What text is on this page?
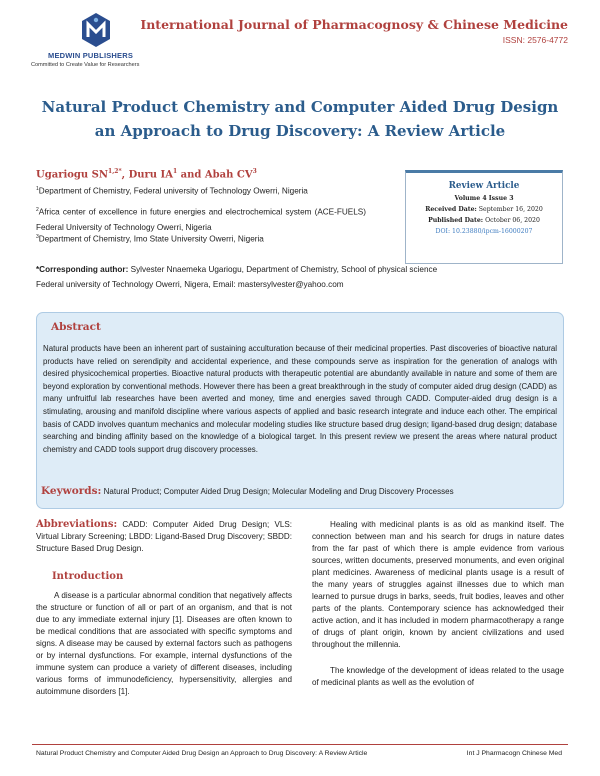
MEDWIN PUBLISHERS
Committed to Create Value for Researchers
International Journal of Pharmacognosy & Chinese Medicine
ISSN: 2576-4772
Natural Product Chemistry and Computer Aided Drug Design an Approach to Drug Discovery: A Review Article
Ugariogu $SN^{1,2*}$, Duru $IA^1$ and Abah $CV^3$
$^1$Department of Chemistry, Federal university of Technology Owerri, Nigeria
$^2$Africa center of excellence in future energies and electrochemical system (ACE-FUELS) Federal University of Technology Owerri, Nigeria
$^3$Department of Chemistry, Imo State University Owerri, Nigeria
Review Article
Volume 4 Issue 3
Received Date: September 16, 2020
Published Date: October 06, 2020
DOI: 10.23880/ipcm-16000207
*Corresponding author: Sylvester Nnaemeka Ugariogu, Department of Chemistry, School of physical science Federal university of Technology Owerri, Nigera, Email: mastersylvester@yahoo.com
Abstract
Natural products have been an inherent part of sustaining acculturation because of their medicinal properties. Past discoveries of bioactive natural products have relied on serendipity and accidental experience, and these compounds serve as inspiration for the generation of analogs with desired physicochemical properties. Bioactive natural products with therapeutic potential are abundantly available in nature and some of them are beyond exploration by conventional methods. However there has been a great breakthrough in the study of computer aided drug design (CADD) as many unfruitful lab researches have been averted and money, time and energies saved through CADD. Computer-aided drug design is a stimulating, arousing and manifold discipline where various aspects of applied and basic research integrate and induce each other. The empirical basis of CADD involves quantum mechanics and molecular modeling studies like structure based drug design; ligand-based drug design; database searching and binding affinity based on the knowledge of a biological target. In this present review we present the areas where natural product chemistry and CADD tools support drug discovery processes.
Keywords: Natural Product; Computer Aided Drug Design; Molecular Modeling and Drug Discovery Processes
Abbreviations: CADD: Computer Aided Drug Design; VLS: Virtual Library Screening; LBDD: Ligand-Based Drug Discovery; SBDD: Structure Based Drug Design.
Introduction
A disease is a particular abnormal condition that negatively affects the structure or function of all or part of an organism, and that is not due to any immediate external injury [1]. Diseases are often known to be medical conditions that are associated with specific symptoms and signs. A disease may be caused by external factors such as pathogens or by internal dysfunctions. For example, internal dysfunctions of the immune system can produce a variety of different diseases, including various forms of immunodeficiency, hypersensitivity, allergies and autoimmune disorders [1].
Healing with medicinal plants is as old as mankind itself. The connection between man and his search for drugs in nature dates from the far past of which there is ample evidence from various sources, written documents, preserved monuments, and even original plant medicines. Awareness of medicinal plants usage is a result of the many years of struggles against illnesses due to which man learned to pursue drugs in barks, seeds, fruit bodies, leaves and other parts of the plants. Contemporary science has acknowledged their active action, and it has included in modern pharmacotherapy a range of drugs of plant origin, known by ancient civilizations and used throughout the millennia.
The knowledge of the development of ideas related to the usage of medicinal plants as well as the evolution of
Natural Product Chemistry and Computer Aided Drug Design an Approach to Drug Discovery: A Review Article	Int J Pharmacogn Chinese Med
